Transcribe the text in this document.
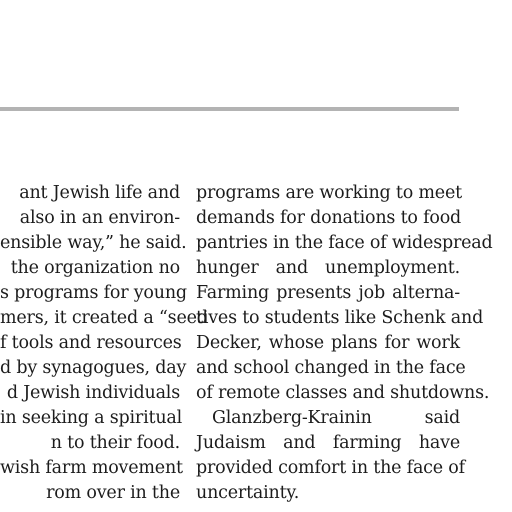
ant Jewish life and
also in an environ-
ensible way,” he said.
the organization no
s programs for young
mers, it created a “seed
f tools and resources
d by synagogues, day
d Jewish individuals
in seeking a spiritual
n to their food.
wish farm movement
rom over in the
programs are working to meet
demands for donations to food
pantries in the face of widespread
hunger and unemployment.
Farming presents job alterna-
tives to students like Schenk and
Decker, whose plans for work
and school changed in the face
of remote classes and shutdowns.
Glanzberg-Krainin	said
Judaism and farming have
provided comfort in the face of
uncertainty.
